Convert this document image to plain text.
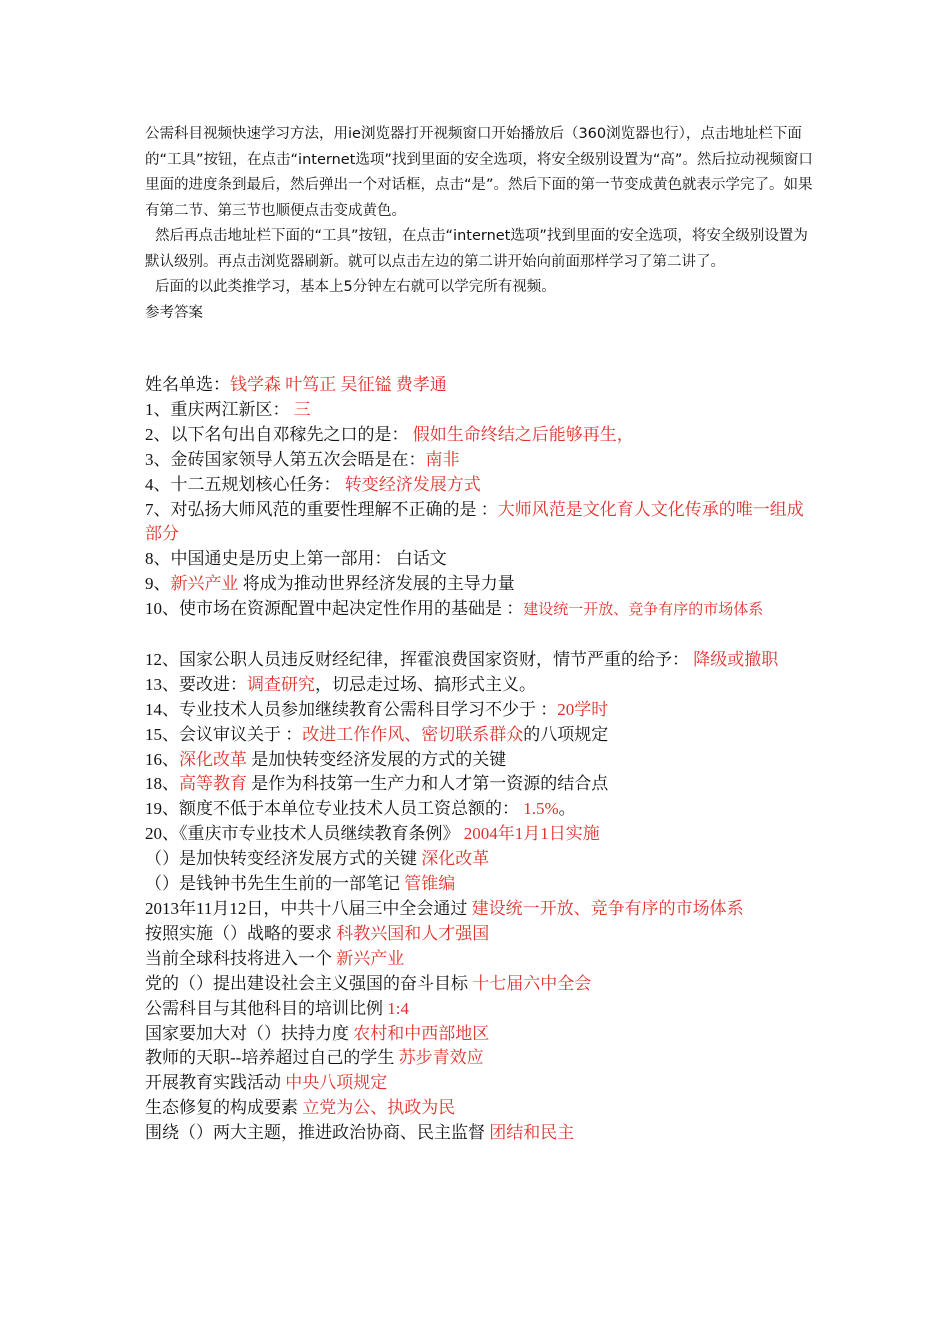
公需科目视频快速学习方法，用ie浏览器打开视频窗口开始播放后（360浏览器也行），点击地址栏下面的“工具”按钮，在点击“internet选项”找到里面的安全选项，将安全级别设置为“高”。然后拉动视频窗口里面的进度条到最后，然后弹出一个对话框，点击“是”。然后下面的第一节变成黄色就表示学完了。如果有第二节、第三节也顺便点击变成黄色。

然后再点击地址栏下面的“工具”按钮，在点击“internet选项”找到里面的安全选项，将安全级别设置为默认级别。再点击浏览器刷新。就可以点击左边的第二讲开始向前面那样学习了第二讲了。

后面的以此类推学习，基本上5分钟左右就可以学完所有视频。

参考答案

姓名单选：钱学森 叶笃正 吴征镒 费孝通

1、重庆两江新区： 三

2、以下名句出自邓稼先之口的是： 假如生命终结之后能够再生，

3、金砖国家领导人第五次会晤是在：南非

4、十二五规划核心任务： 转变经济发展方式

7、对弘扬大师风范的重要性理解不正确的是 ：大师风范是文化育人文化传承的唯一组成部分

8、中国通史是历史上第一部用： 白话文

9、新兴产业 将成为推动世界经济发展的主导力量

10、使市场在资源配置中起决定性作用的基础是 ：建设统一开放、竞争有序的市场体系

12、国家公职人员违反财经纪律，挥霍浪费国家资财，情节严重的给予： 降级或撤职

13、要改进：调查研究，切忌走过场、搞形式主义。

14、专业技术人员参加继续教育公需科目学习不少于 ：20学时

15、会议审议关于 ：改进工作作风、密切联系群众的八项规定

16、深化改革 是加快转变经济发展的方式的关键

18、高等教育 是作为科技第一生产力和人才第一资源的结合点

19、额度不低于本单位专业技术人员工资总额的： 1.5%。

20、《重庆市专业技术人员继续教育条例》 2004年1月1日实施

（）是加快转变经济发展方式的关键 深化改革

（）是钱钟书先生生前的一部笔记 管锥编

2013年11月12日，中共十八届三中全会通过 建设统一开放、竞争有序的市场体系

按照实施（）战略的要求 科教兴国和人才强国

当前全球科技将进入一个 新兴产业

党的（）提出建设社会主义强国的奋斗目标 十七届六中全会

公需科目与其他科目的培训比例 1:4

国家要加大对（）扶持力度 农村和中西部地区

教师的天职--培养超过自己的学生 苏步青效应

开展教育实践活动 中央八项规定

生态修复的构成要素 立党为公、执政为民

围绕（）两大主题，推进政治协商、民主监督 团结和民主
